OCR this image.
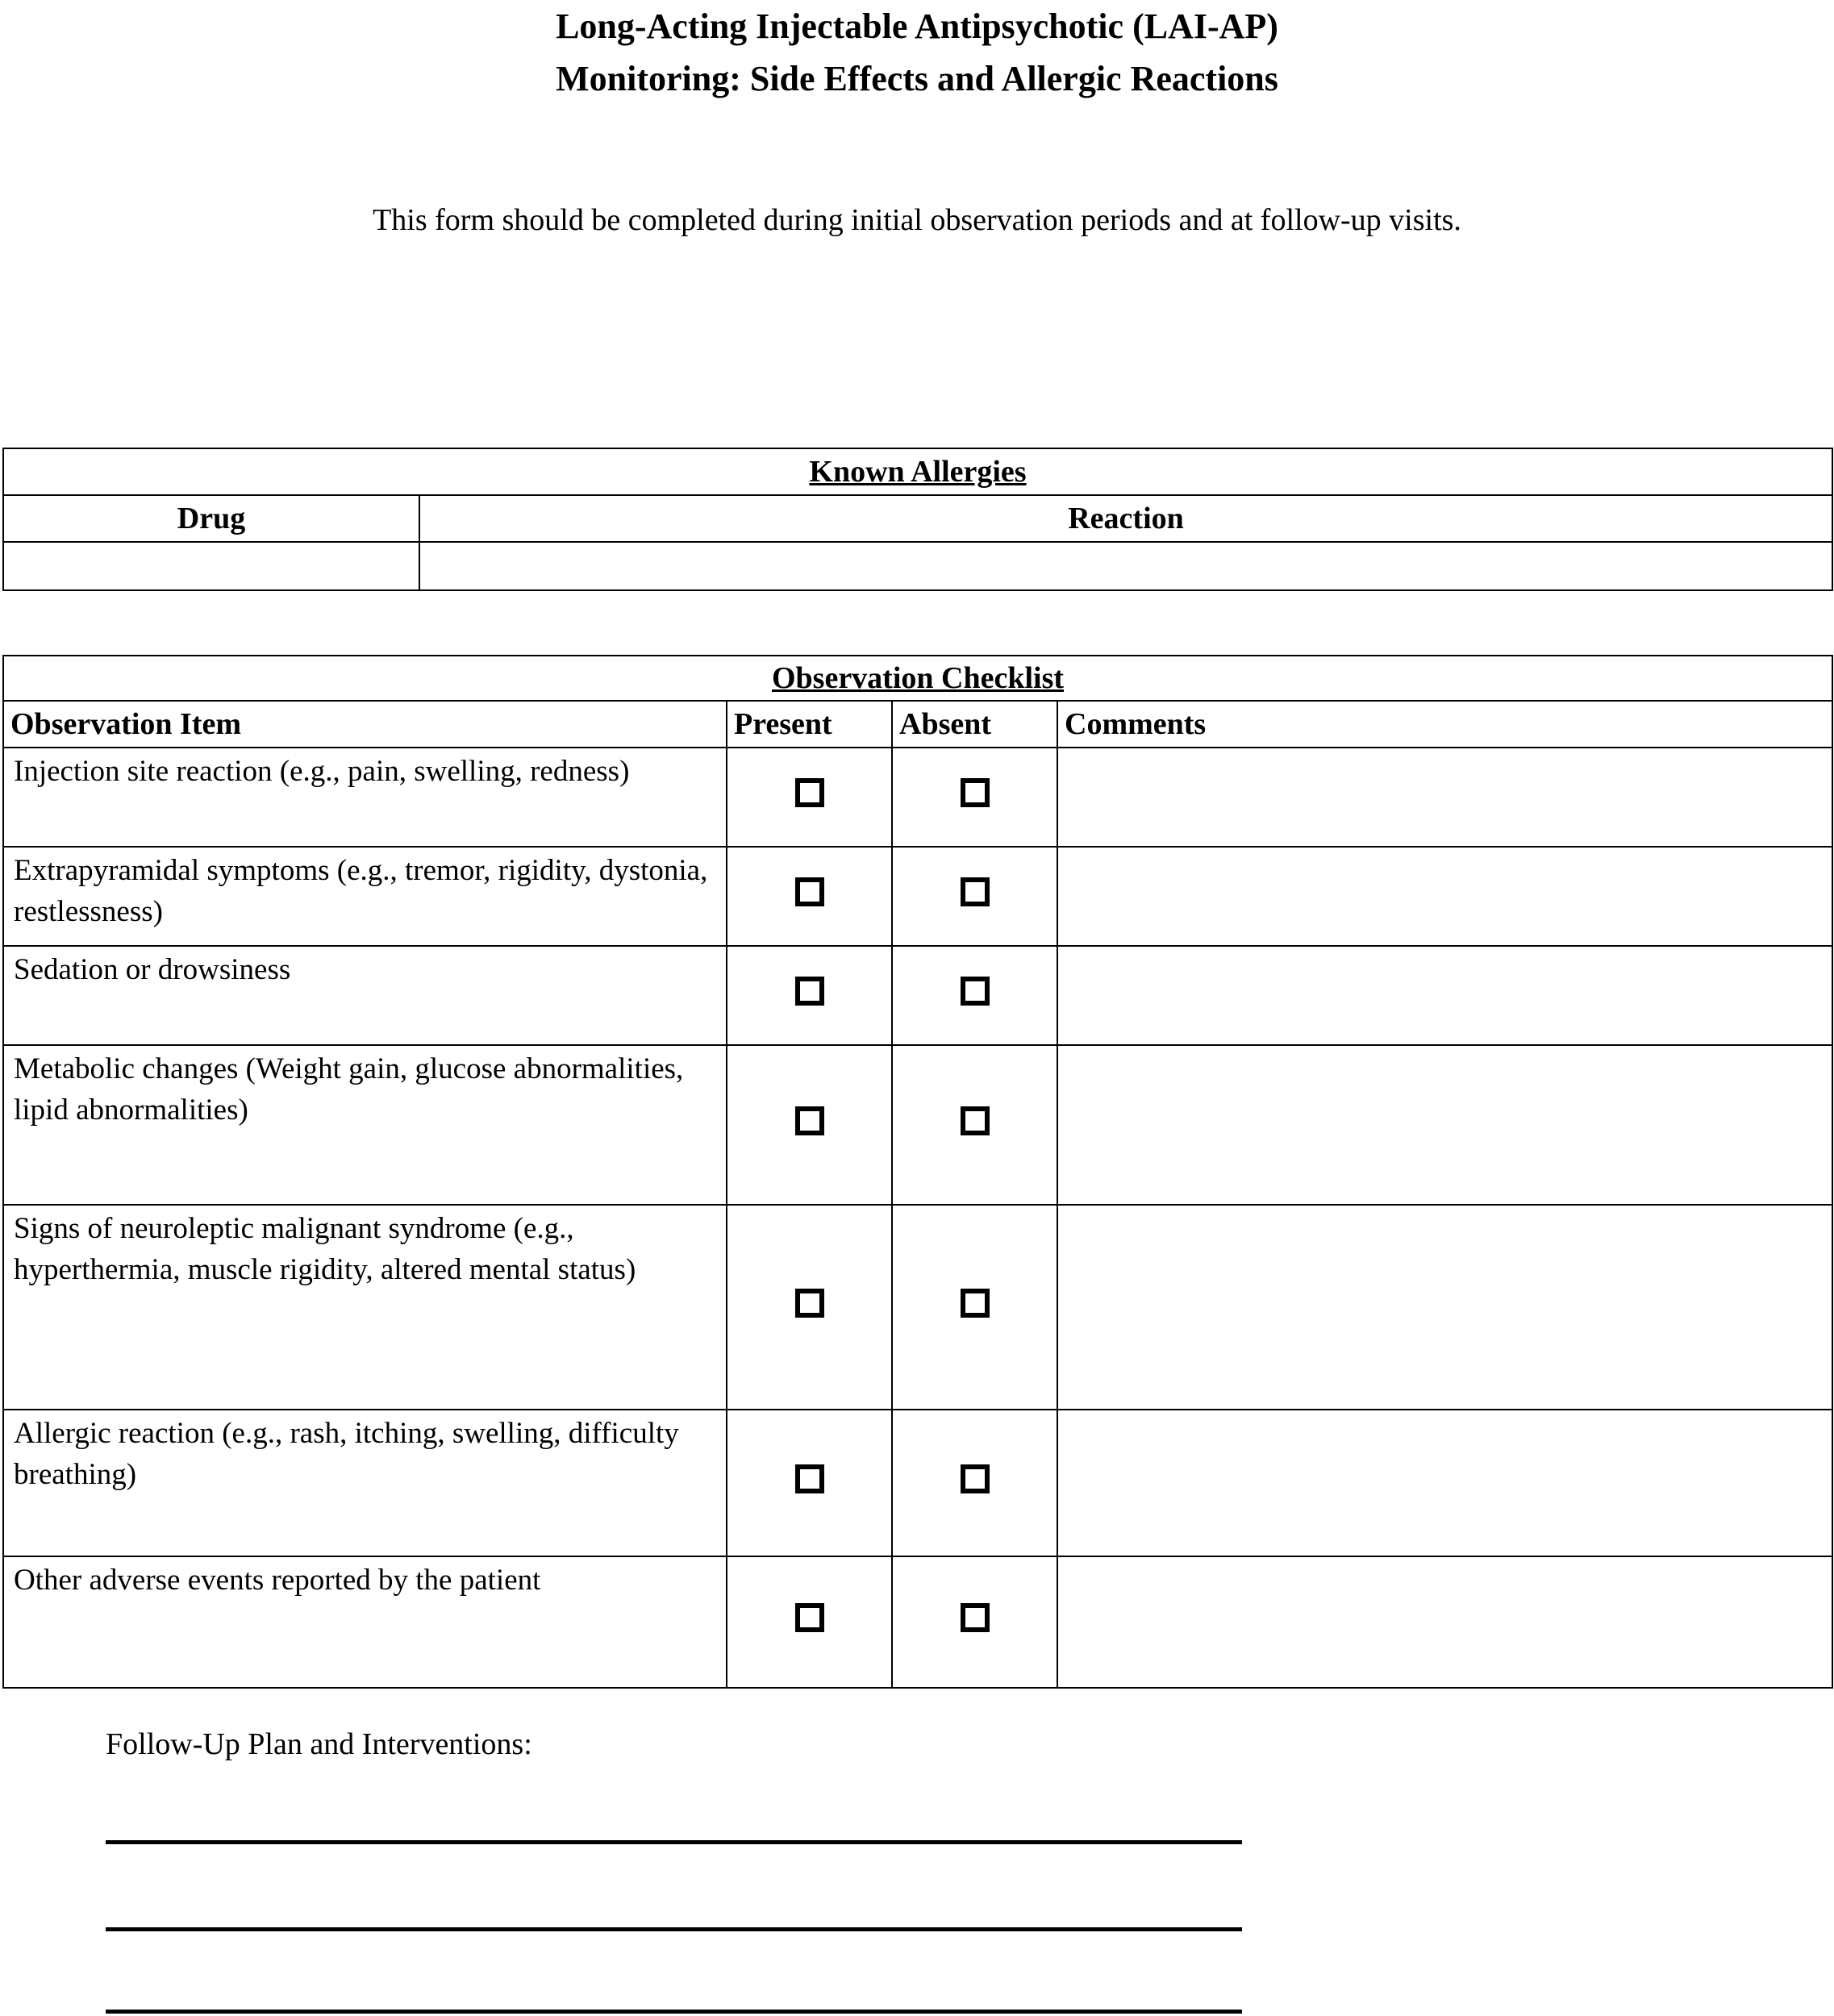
Long-Acting Injectable Antipsychotic (LAI-AP)
Monitoring: Side Effects and Allergic Reactions
This form should be completed during initial observation periods and at follow-up visits.
Known Allergies	
Drug	Reaction

Observation Checklist			
Observation Item	Present	Absent	Comments
Injection site reaction (e.g., pain, swelling, redness)			
Extrapyramidal symptoms (e.g., tremor, rigidity, dystonia, restlessness)			
Sedation or drowsiness			
Metabolic changes (Weight gain, glucose abnormalities, lipid abnormalities)			
Signs of neuroleptic malignant syndrome (e.g., hyperthermia, muscle rigidity, altered mental status)			
Allergic reaction (e.g., rash, itching, swelling, difficulty breathing)			
Other adverse events reported by the patient			
Follow-Up Plan and Interventions:
